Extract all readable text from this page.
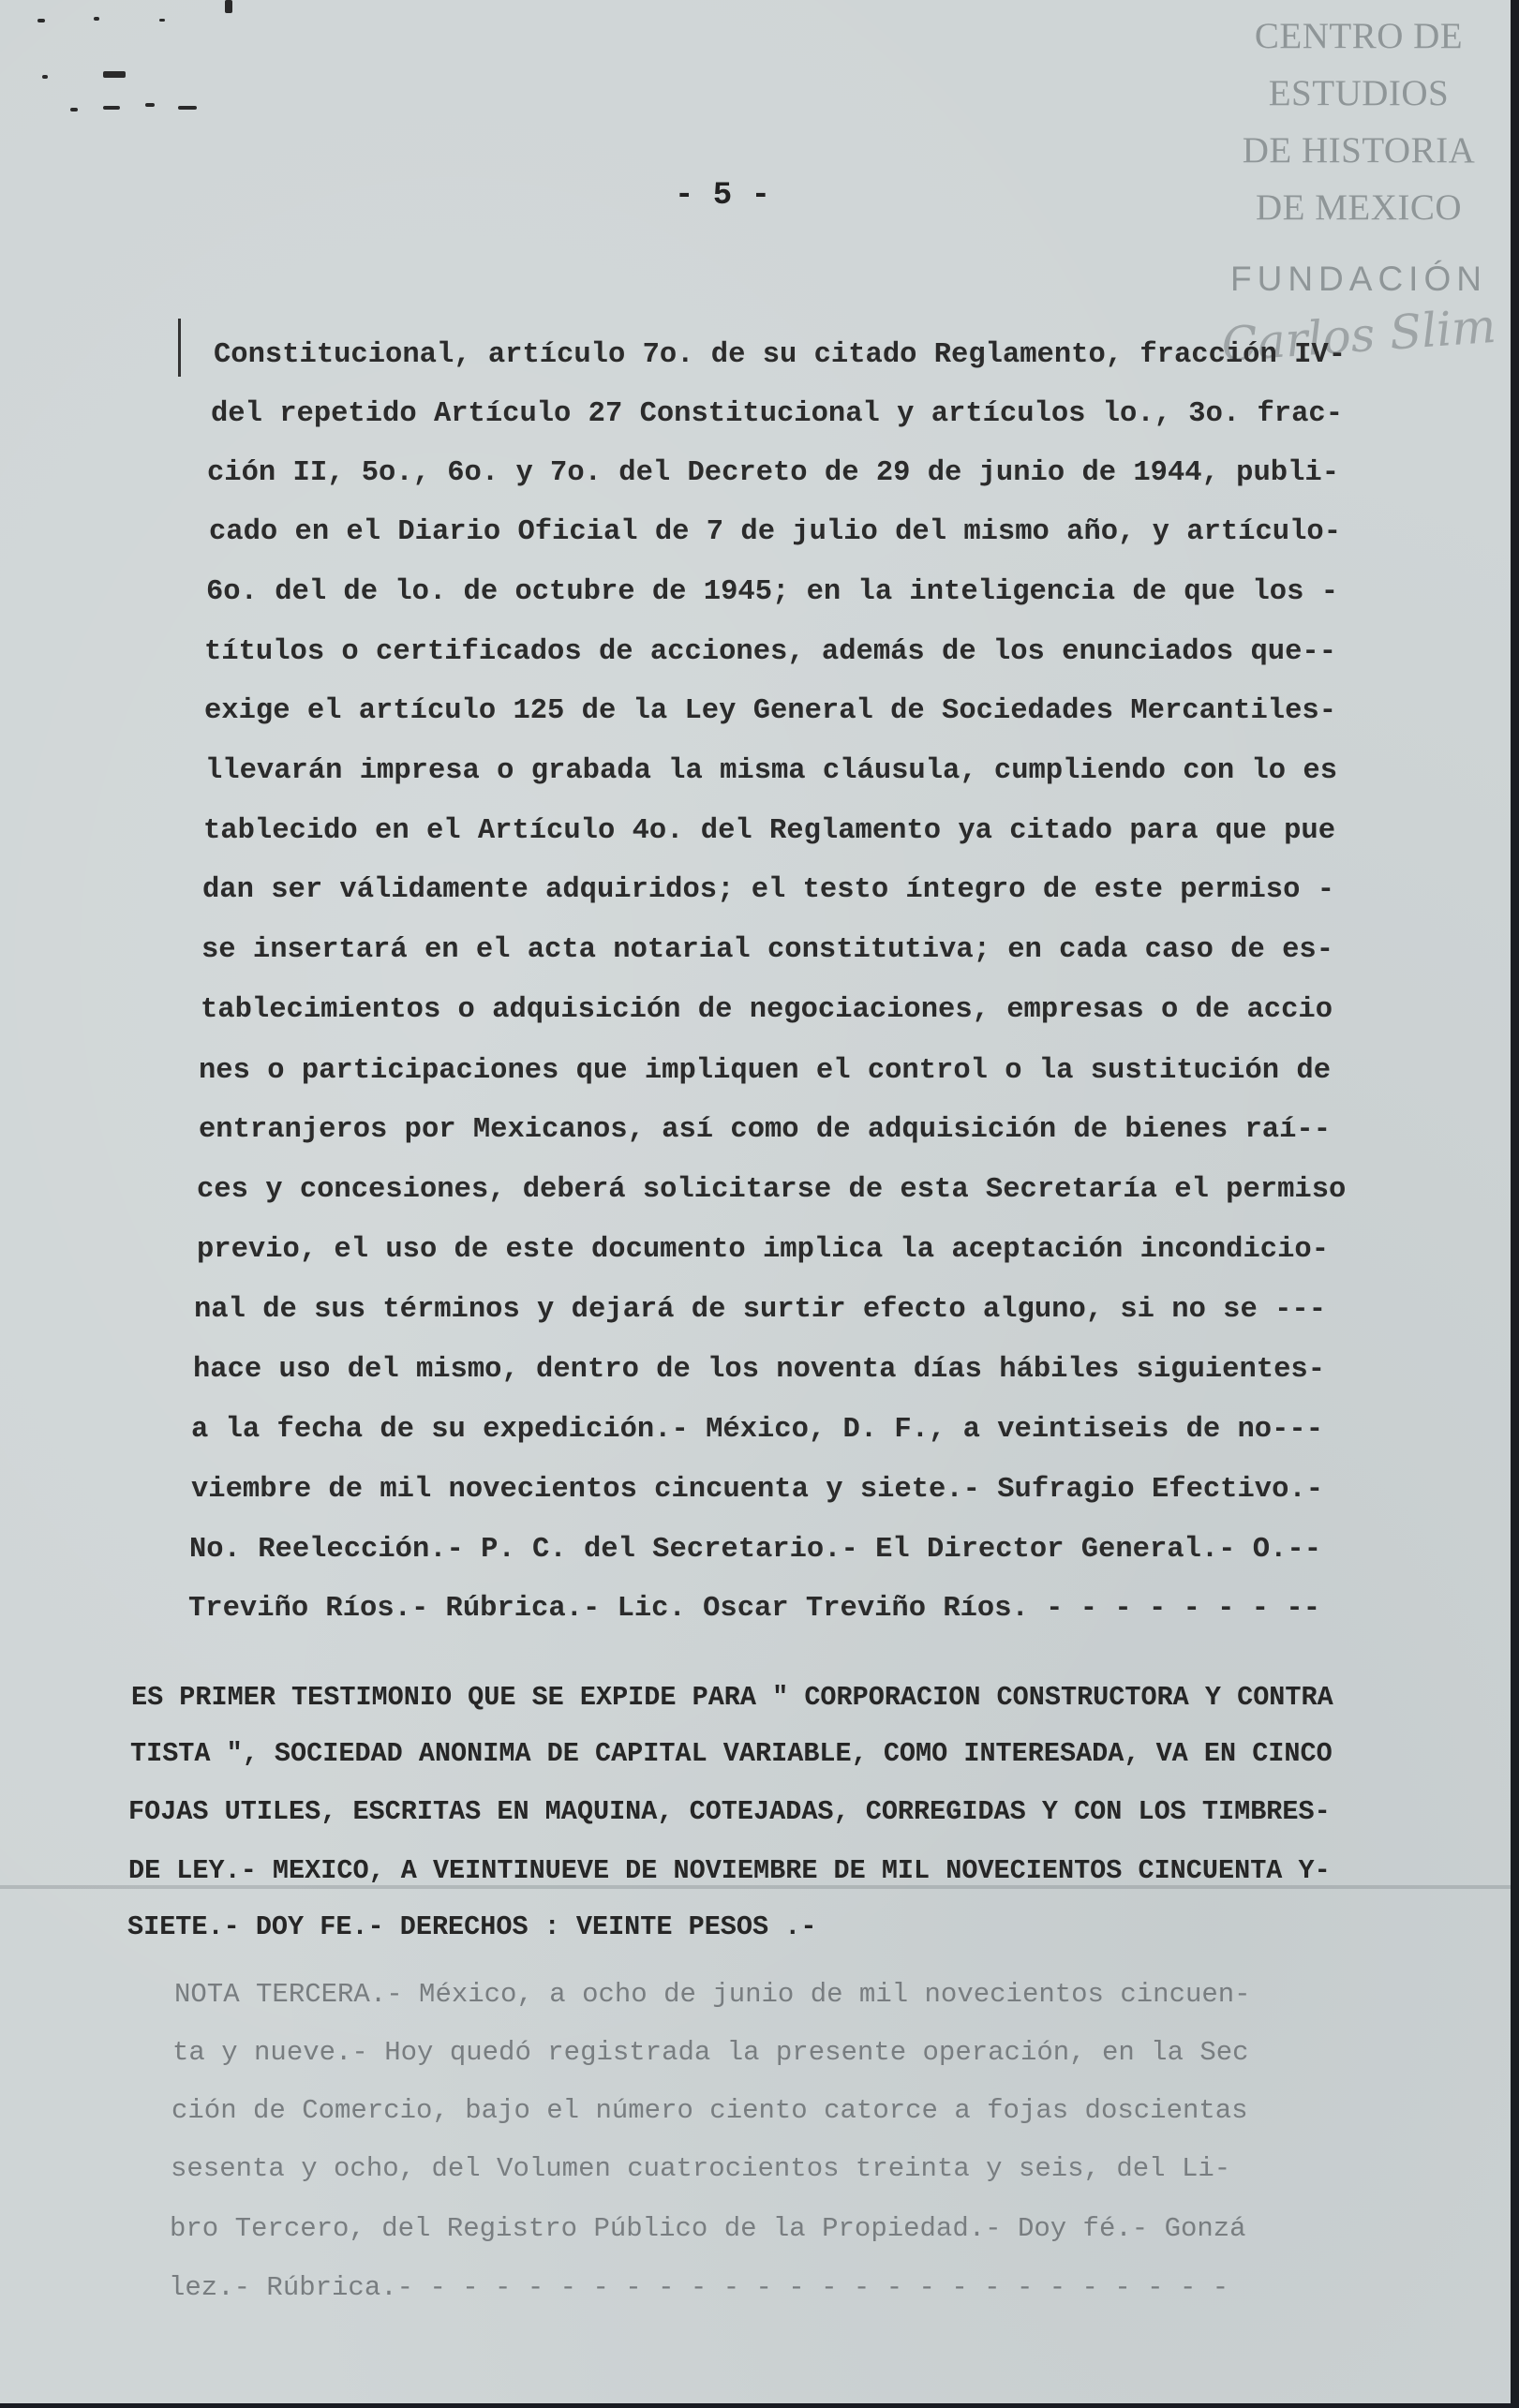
CENTRO DE
ESTUDIOS
DE HISTORIA
DE MEXICO
FUNDACIÓN
Carlos Slim
- 5 -

Constitucional, artículo 7o. de su citado Reglamento, fracción IV-

del repetido Artículo 27 Constitucional y artículos lo., 3o. frac-

ción II, 5o., 6o. y 7o. del Decreto de 29 de junio de 1944, publi-

cado en el Diario Oficial de 7 de julio del mismo año, y artículo-

6o. del de lo. de octubre de 1945; en la inteligencia de que los -

títulos o certificados de acciones, además de los enunciados que--

exige el artículo 125 de la Ley General de Sociedades Mercantiles-

llevarán impresa o grabada la misma cláusula, cumpliendo con lo es

tablecido en el Artículo 4o. del Reglamento ya citado para que pue

dan ser válidamente adquiridos; el testo íntegro de este permiso -

se insertará en el acta notarial constitutiva; en cada caso de es-

tablecimientos o adquisición de negociaciones, empresas o de accio

nes o participaciones que impliquen el control o la sustitución de

entranjeros por Mexicanos, así como de adquisición de bienes raí--

ces y concesiones, deberá solicitarse de esta Secretaría el permiso

previo, el uso de este documento implica la aceptación incondicio-

nal de sus términos y dejará de surtir efecto alguno, si no se ---

hace uso del mismo, dentro de los noventa días hábiles siguientes-

a la fecha de su expedición.- México, D. F., a veintiseis de no---

viembre de mil novecientos cincuenta y siete.- Sufragio Efectivo.-

No. Reelección.- P. C. del Secretario.- El Director General.- O.--

Treviño Ríos.- Rúbrica.- Lic. Oscar Treviño Ríos. - - - - - - - --

ES PRIMER TESTIMONIO QUE SE EXPIDE PARA " CORPORACION CONSTRUCTORA Y CONTRA

TISTA ", SOCIEDAD ANONIMA DE CAPITAL VARIABLE, COMO INTERESADA, VA EN CINCO

FOJAS UTILES, ESCRITAS EN MAQUINA, COTEJADAS, CORREGIDAS Y CON LOS TIMBRES-

DE LEY.- MEXICO, A VEINTINUEVE DE NOVIEMBRE DE MIL NOVECIENTOS CINCUENTA Y-

SIETE.- DOY FE.- DERECHOS : VEINTE PESOS .-

NOTA TERCERA.- México, a ocho de junio de mil novecientos cincuen-

ta y nueve.- Hoy quedó registrada la presente operación, en la Sec

ción de Comercio, bajo el número ciento catorce a fojas doscientas

sesenta y ocho, del Volumen cuatrocientos treinta y seis, del Li-

bro Tercero, del Registro Público de la Propiedad.- Doy fé.- Gonzá

lez.- Rúbrica.- - - - - - - - - - - - - - - - - - - - - - - - - -
